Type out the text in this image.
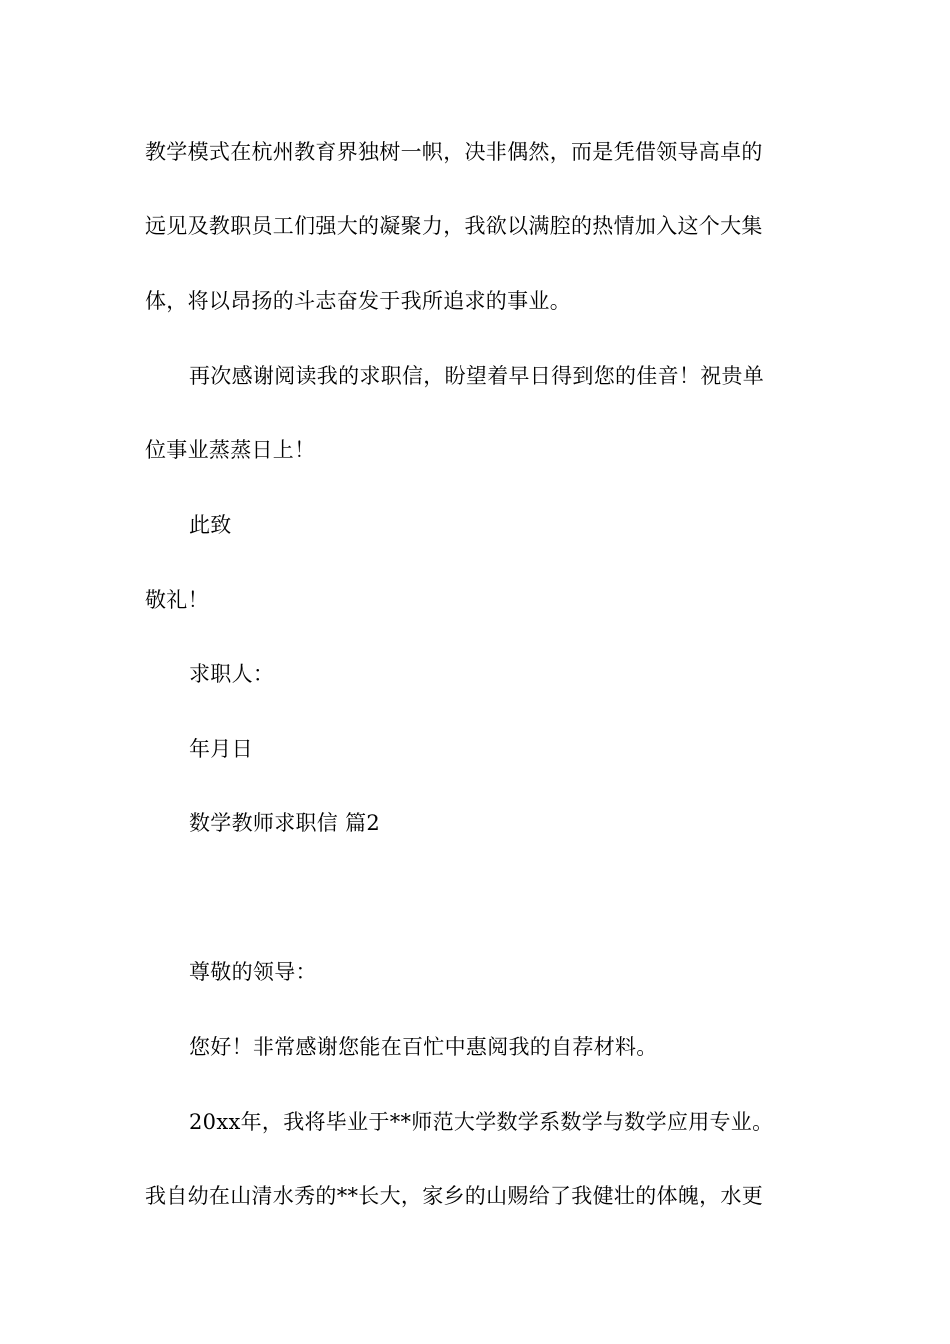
教学模式在杭州教育界独树一帜，决非偶然，而是凭借领导高卓的
远见及教职员工们强大的凝聚力，我欲以满腔的热情加入这个大集
体，将以昂扬的斗志奋发于我所追求的事业。
再次感谢阅读我的求职信，盼望着早日得到您的佳音！祝贵单
位事业蒸蒸日上！
此致
敬礼！
求职人：
年月日
数学教师求职信 篇2
尊敬的领导：
您好！非常感谢您能在百忙中惠阅我的自荐材料。
20xx年，我将毕业于**师范大学数学系数学与数学应用专业。
我自幼在山清水秀的**长大，家乡的山赐给了我健壮的体魄，水更
